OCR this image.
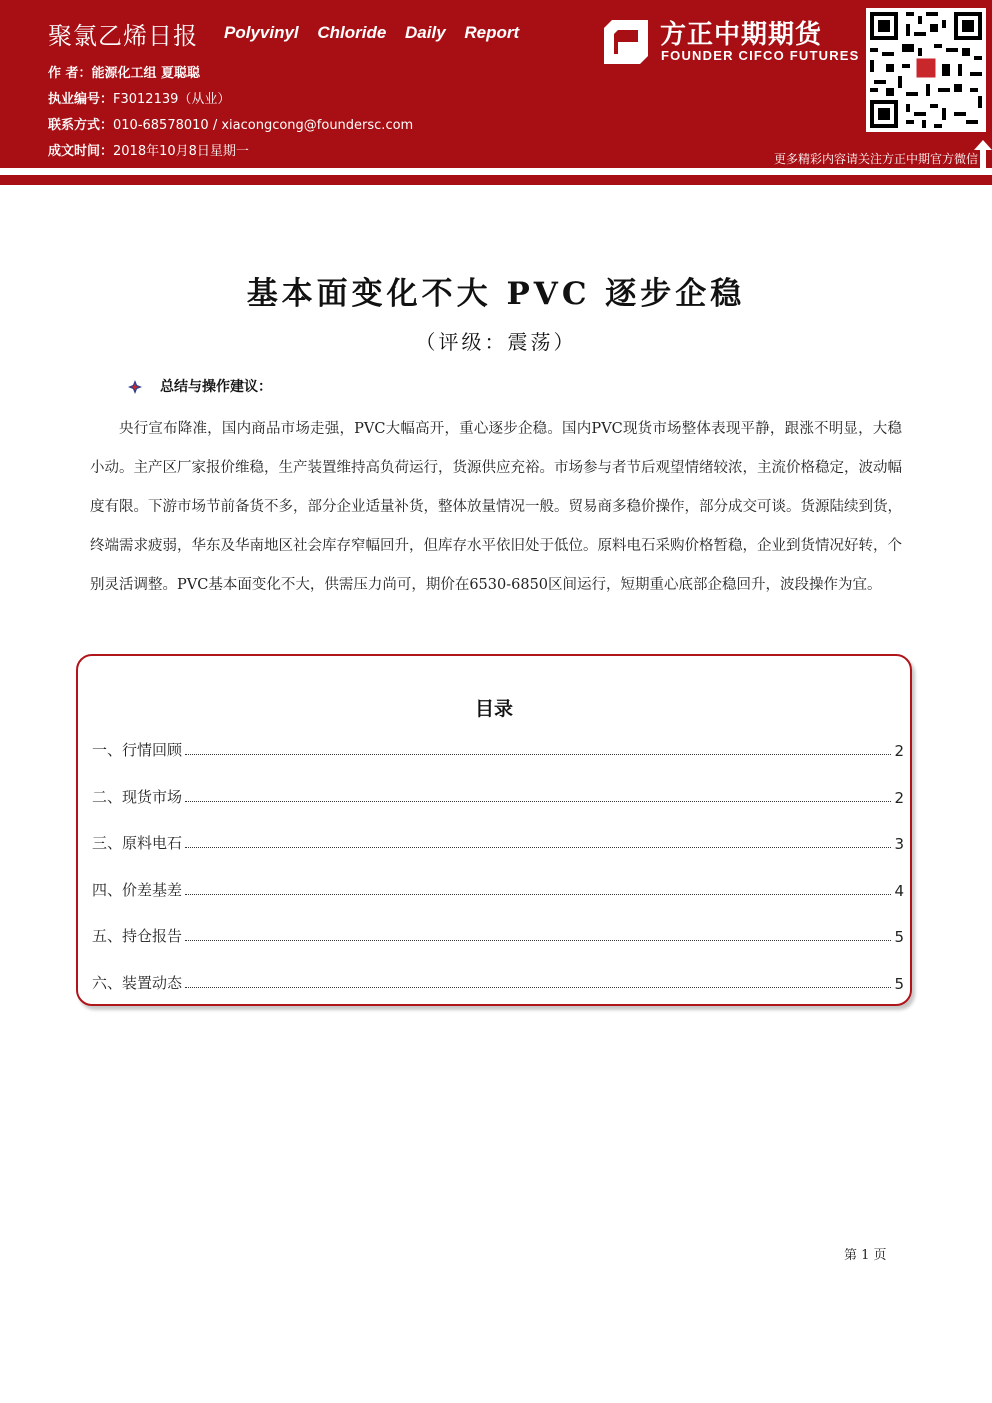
聚氯乙烯日报 Polyvinyl Chloride Daily Report
作 者：能源化工组 夏聪聪
执业编号：F3012139（从业）
联系方式：010-68578010 / xiacongcong@foundersc.com
成文时间：2018年10月8日星期一
方正中期期货
FOUNDER CIFCO FUTURES
更多精彩内容请关注方正中期官方微信
基本面变化不大 PVC 逐步企稳
（评级：震荡）
总结与操作建议：

央行宣布降准，国内商品市场走强，PVC大幅高开，重心逐步企稳。国内PVC现货市场整体表现平静，跟涨不明显，大稳小动。主产区厂家报价维稳，生产装置维持高负荷运行，货源供应充裕。市场参与者节后观望情绪较浓，主流价格稳定，波动幅度有限。下游市场节前备货不多，部分企业适量补货，整体放量情况一般。贸易商多稳价操作，部分成交可谈。货源陆续到货，终端需求疲弱，华东及华南地区社会库存窄幅回升，但库存水平依旧处于低位。原料电石采购价格暂稳，企业到货情况好转，个别灵活调整。PVC基本面变化不大，供需压力尚可，期价在6530-6850区间运行，短期重心底部企稳回升，波段操作为宜。

目录
一、行情回顾	2
二、现货市场	2
三、原料电石	3
四、价差基差	4
五、持仓报告	5
六、装置动态	5
第 1 页
